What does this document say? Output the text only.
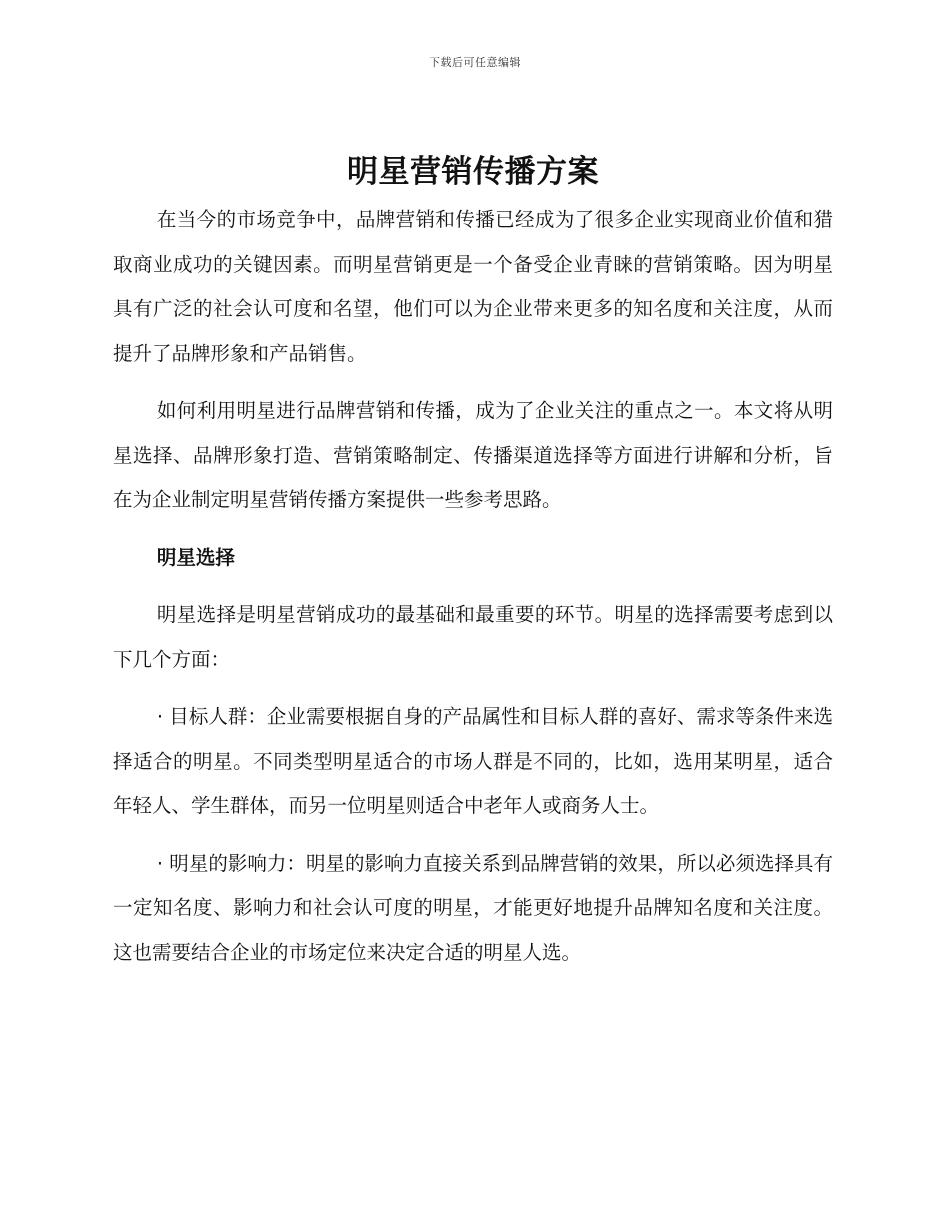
下载后可任意编辑
明星营销传播方案

在当今的市场竞争中，品牌营销和传播已经成为了很多企业实现商业价值和猎取商业成功的关键因素。而明星营销更是一个备受企业青睐的营销策略。因为明星具有广泛的社会认可度和名望，他们可以为企业带来更多的知名度和关注度，从而提升了品牌形象和产品销售。

如何利用明星进行品牌营销和传播，成为了企业关注的重点之一。本文将从明星选择、品牌形象打造、营销策略制定、传播渠道选择等方面进行讲解和分析，旨在为企业制定明星营销传播方案提供一些参考思路。

明星选择

明星选择是明星营销成功的最基础和最重要的环节。明星的选择需要考虑到以下几个方面：

· 目标人群：企业需要根据自身的产品属性和目标人群的喜好、需求等条件来选择适合的明星。不同类型明星适合的市场人群是不同的，比如，选用某明星，适合年轻人、学生群体，而另一位明星则适合中老年人或商务人士。

· 明星的影响力：明星的影响力直接关系到品牌营销的效果，所以必须选择具有一定知名度、影响力和社会认可度的明星，才能更好地提升品牌知名度和关注度。这也需要结合企业的市场定位来决定合适的明星人选。
